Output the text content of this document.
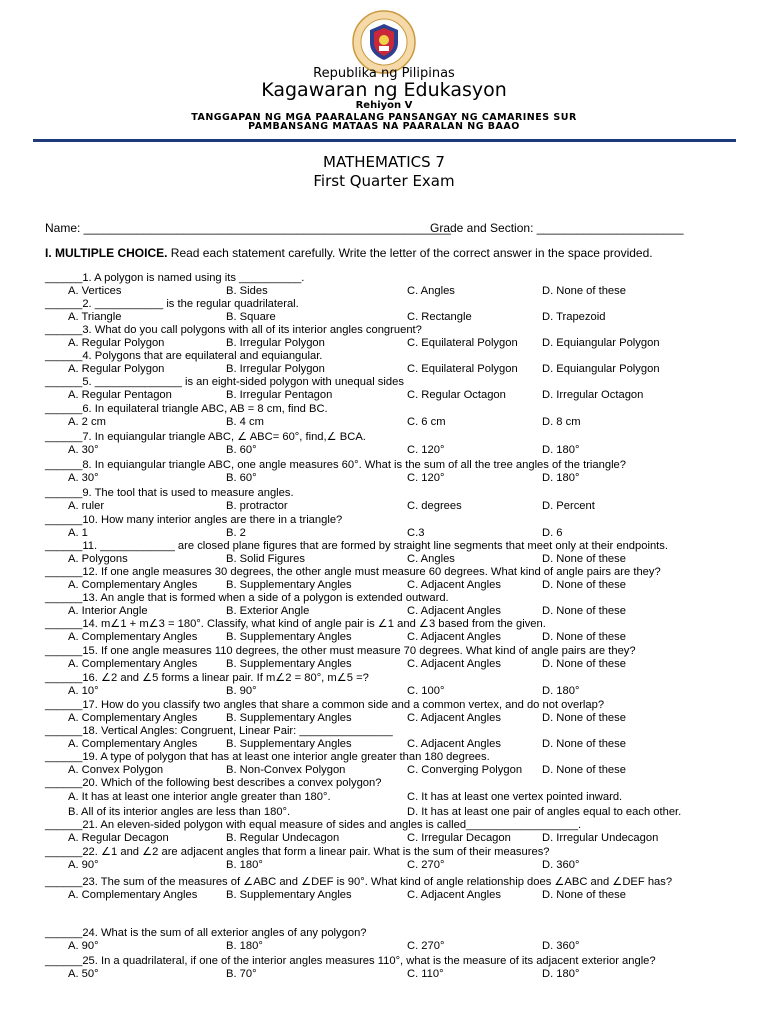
Republika ng Pilipinas
Kagawaran ng Edukasyon
Rehiyon V
TANGGAPAN NG MGA PAARALANG PANSANGAY NG CAMARINES SUR
PAMBANSANG MATAAS NA PAARALAN NG BAAO
MATHEMATICS 7
First Quarter Exam
Name: _______________________________________________________
Grade and Section: ______________________
I. MULTIPLE CHOICE. Read each statement carefully. Write the letter of the correct answer in the space provided.
______1. A polygon is named using its __________.
A. Vertices	B. Sides	C. Angles	D. None of these
______2. ___________ is the regular quadrilateral.
A. Triangle	B. Square	C. Rectangle	D. Trapezoid
______3. What do you call polygons with all of its interior angles congruent?
A. Regular Polygon	B. Irregular Polygon	C. Equilateral Polygon D. Equiangular Polygon
______4. Polygons that are equilateral and equiangular.
A. Regular Polygon	B. Irregular Polygon	C. Equilateral Polygon D. Equiangular Polygon
______5. ______________ is an eight-sided polygon with unequal sides
A. Regular Pentagon	B. Irregular Pentagon	C. Regular Octagon	D. Irregular Octagon
______6. In equilateral triangle ABC, AB = 8 cm, find BC.
A. 2 cm	B. 4 cm	C. 6 cm	D. 8 cm
______7. In equiangular triangle ABC, ∠ ABC= 60°, find,∠ BCA.
A. 30°	B. 60°	C. 120°	D. 180°
______8. In equiangular triangle ABC, one angle measures 60°. What is the sum of all the tree angles of the triangle?
A. 30°	B. 60°	C. 120°	D. 180°
______9. The tool that is used to measure angles.
A. ruler	B. protractor	C. degrees	D. Percent
______10. How many interior angles are there in a triangle?
A. 1	B. 2	C.3	D. 6
______11. ____________ are closed plane figures that are formed by straight line segments that meet only at their endpoints.
A. Polygons	B. Solid Figures	C. Angles	D. None of these
______12. If one angle measures 30 degrees, the other angle must measure 60 degrees. What kind of angle pairs are they?
A. Complementary Angles	B. Supplementary Angles	C. Adjacent Angles	D. None of these
______13. An angle that is formed when a side of a polygon is extended outward.
A. Interior Angle	B. Exterior Angle	C. Adjacent Angles	D. None of these
______14. m∠1 + m∠3 = 180°. Classify, what kind of angle pair is ∠1 and ∠3 based from the given.
A. Complementary Angles	B. Supplementary Angles	C. Adjacent Angles	D. None of these
______15. If one angle measures 110 degrees, the other must measure 70 degrees. What kind of angle pairs are they?
A. Complementary Angles	B. Supplementary Angles	C. Adjacent Angles	D. None of these
______16. ∠2 and ∠5 forms a linear pair. If m∠2 = 80°, m∠5 =?
A. 10°	B. 90°	C. 100°	D. 180°
______17. How do you classify two angles that share a common side and a common vertex, and do not overlap?
A. Complementary Angles	B. Supplementary Angles	C. Adjacent Angles	D. None of these
______18. Vertical Angles: Congruent, Linear Pair: _______________
A. Complementary Angles	B. Supplementary Angles	C. Adjacent Angles	D. None of these
______19. A type of polygon that has at least one interior angle greater than 180 degrees.
A. Convex Polygon	B. Non-Convex Polygon	C. Converging Polygon D. None of these
______20. Which of the following best describes a convex polygon?
A. It has at least one interior angle greater than 180°.	C. It has at least one vertex pointed inward.
B. All of its interior angles are less than 180°.	D. It has at least one pair of angles equal to each other.
______21. An eleven-sided polygon with equal measure of sides and angles is called__________________.
A. Regular Decagon	B. Regular Undecagon	C. Irregular Decagon	D. Irregular Undecagon
______22. ∠1 and ∠2 are adjacent angles that form a linear pair. What is the sum of their measures?
A. 90°	B. 180°	C. 270°	D. 360°
______23. The sum of the measures of ∠ABC and ∠DEF is 90°. What kind of angle relationship does ∠ABC and ∠DEF has?
A. Complementary Angles	B. Supplementary Angles	C. Adjacent Angles	D. None of these
______24. What is the sum of all exterior angles of any polygon?
A. 90°	B. 180°	C. 270°	D. 360°
______25. In a quadrilateral, if one of the interior angles measures 110°, what is the measure of its adjacent exterior angle?
A. 50°	B. 70°	C. 110°	D. 180°
